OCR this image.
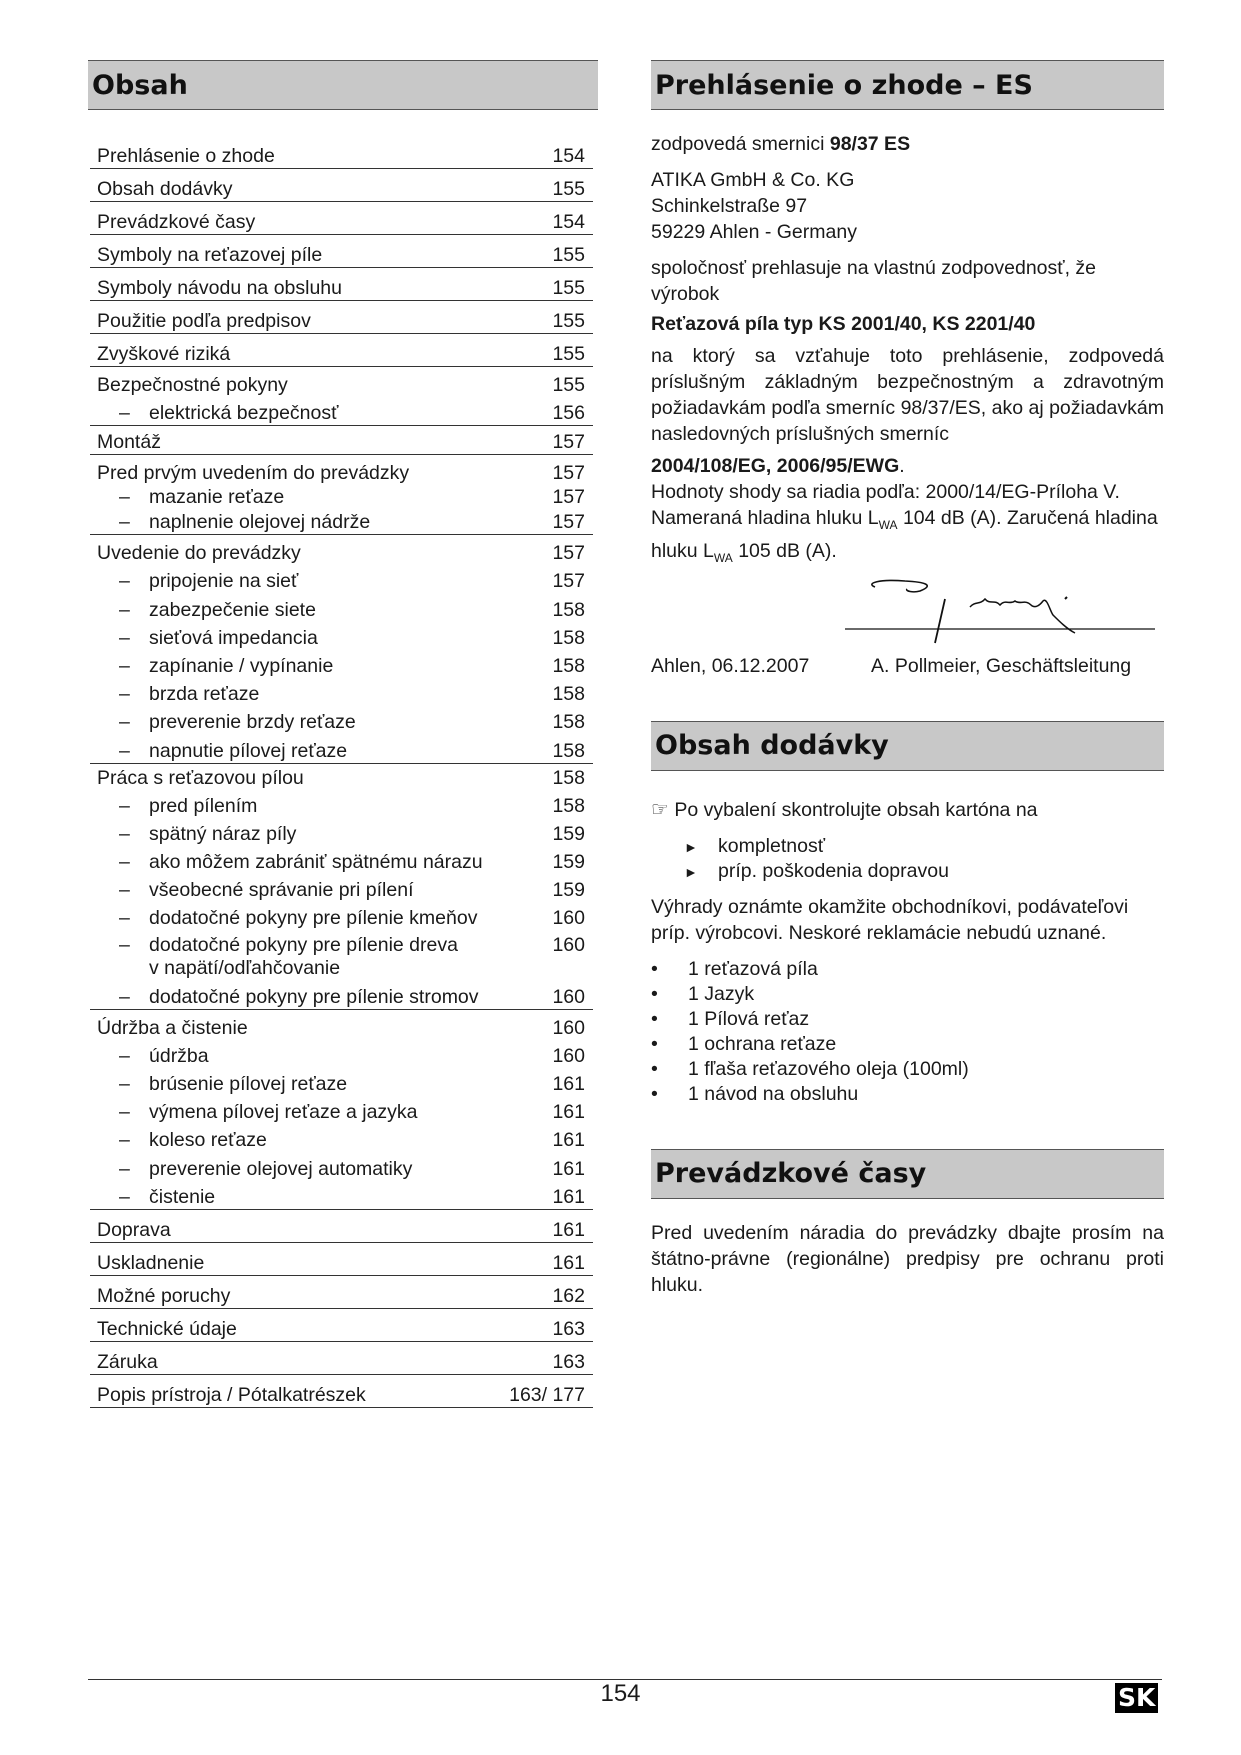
Obsah
Prehlásenie o zhode	154
Obsah dodávky	155
Prevádzkové časy	154
Symboly na reťazovej píle	155
Symboly návodu na obsluhu	155
Použitie podľa predpisov	155
Zvyškové riziká	155
Bezpečnostné pokyny	155
– elektrická bezpečnosť	156
Montáž	157
Pred prvým uvedením do prevádzky	157
– mazanie reťaze	157
– naplnenie olejovej nádrže	157
Uvedenie do prevádzky	157
– pripojenie na sieť	157
– zabezpečenie siete	158
– sieťová impedancia	158
– zapínanie / vypínanie	158
– brzda reťaze	158
– preverenie brzdy reťaze	158
– napnutie pílovej reťaze	158
Práca s reťazovou pílou	158
– pred pílením	158
– spätný náraz píly	159
– ako môžem zabrániť spätnému nárazu	159
– všeobecné správanie pri pílení	159
– dodatočné pokyny pre pílenie kmeňov	160
– dodatočné pokyny pre pílenie dreva
v napätí/odľahčovanie
160
– dodatočné pokyny pre pílenie stromov	160
Údržba a čistenie	160
– údržba	160
– brúsenie pílovej reťaze	161
– výmena pílovej reťaze a jazyka	161
– koleso reťaze	161
– preverenie olejovej automatiky	161
– čistenie	161
Doprava	161
Uskladnenie	161
Možné poruchy	162
Technické údaje	163
Záruka	163
Popis prístroja / Pótalkatrészek	163/ 177
Prehlásenie o zhode – ES

zodpovedá smernici 98/37 ES

ATIKA GmbH & Co. KG

Schinkelstraße 97

59229 Ahlen - Germany

spoločnosť prehlasuje na vlastnú zodpovednosť, že výrobok

Reťazová píla typ KS 2001/40, KS 2201/40

na ktorý sa vzťahuje toto prehlásenie, zodpovedá príslušným základným bezpečnostným a zdravotným požiadavkám podľa smerníc 98/37/ES, ako aj požiadavkám nasledovných príslušných smerníc

2004/108/EG, 2006/95/EWG.

Hodnoty shody sa riadia podľa: 2000/14/EG-Príloha V.

Nameraná hladina hluku $L_{WA}$ 104 dB (A). Zaručená hladina hluku $L_{WA}$ 105 dB (A).

Ahlen, 06.12.2007	A. Pollmeier, Geschäftsleitung

Obsah dodávky

☞ Po vybalení skontrolujte obsah kartóna na

► kompletnosť
► príp. poškodenia dopravou

Výhrady oznámte okamžite obchodníkovi, podávateľovi príp. výrobcovi. Neskoré reklamácie nebudú uznané.

• 1 reťazová píla
• 1 Jazyk
• 1 Pílová reťaz
• 1 ochrana reťaze
• 1 fľaša reťazového oleja (100ml)
• 1 návod na obsluhu
Prevádzkové časy

Pred uvedením náradia do prevádzky dbajte prosím na štátno-právne (regionálne) predpisy pre ochranu proti hluku.

154	SK
